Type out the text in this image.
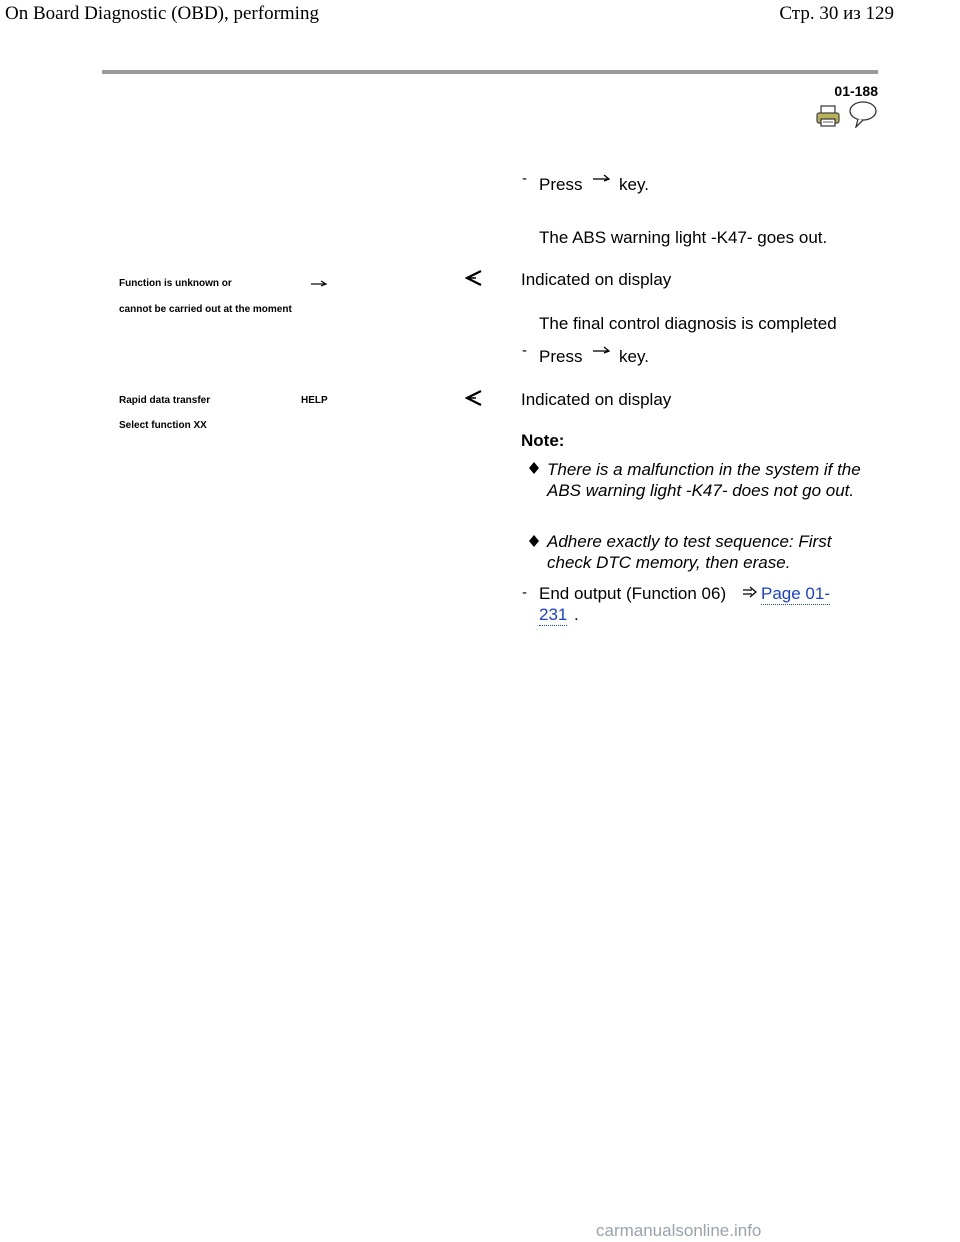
On Board Diagnostic (OBD), performing	Стр. 30 из 129
01-188
- Press key.
The ABS warning light -K47- goes out.
Function is unknown or
cannot be carried out at the moment
Indicated on display
The final control diagnosis is completed
- Press key.
Rapid data transfer	HELP
Select function XX
Indicated on display
Note:
There is a malfunction in the system if the ABS warning light -K47- does not go out.
Adhere exactly to test sequence: First check DTC memory, then erase.
- End output (Function 06) Page 01-
231 .
carmanualsonline.info
